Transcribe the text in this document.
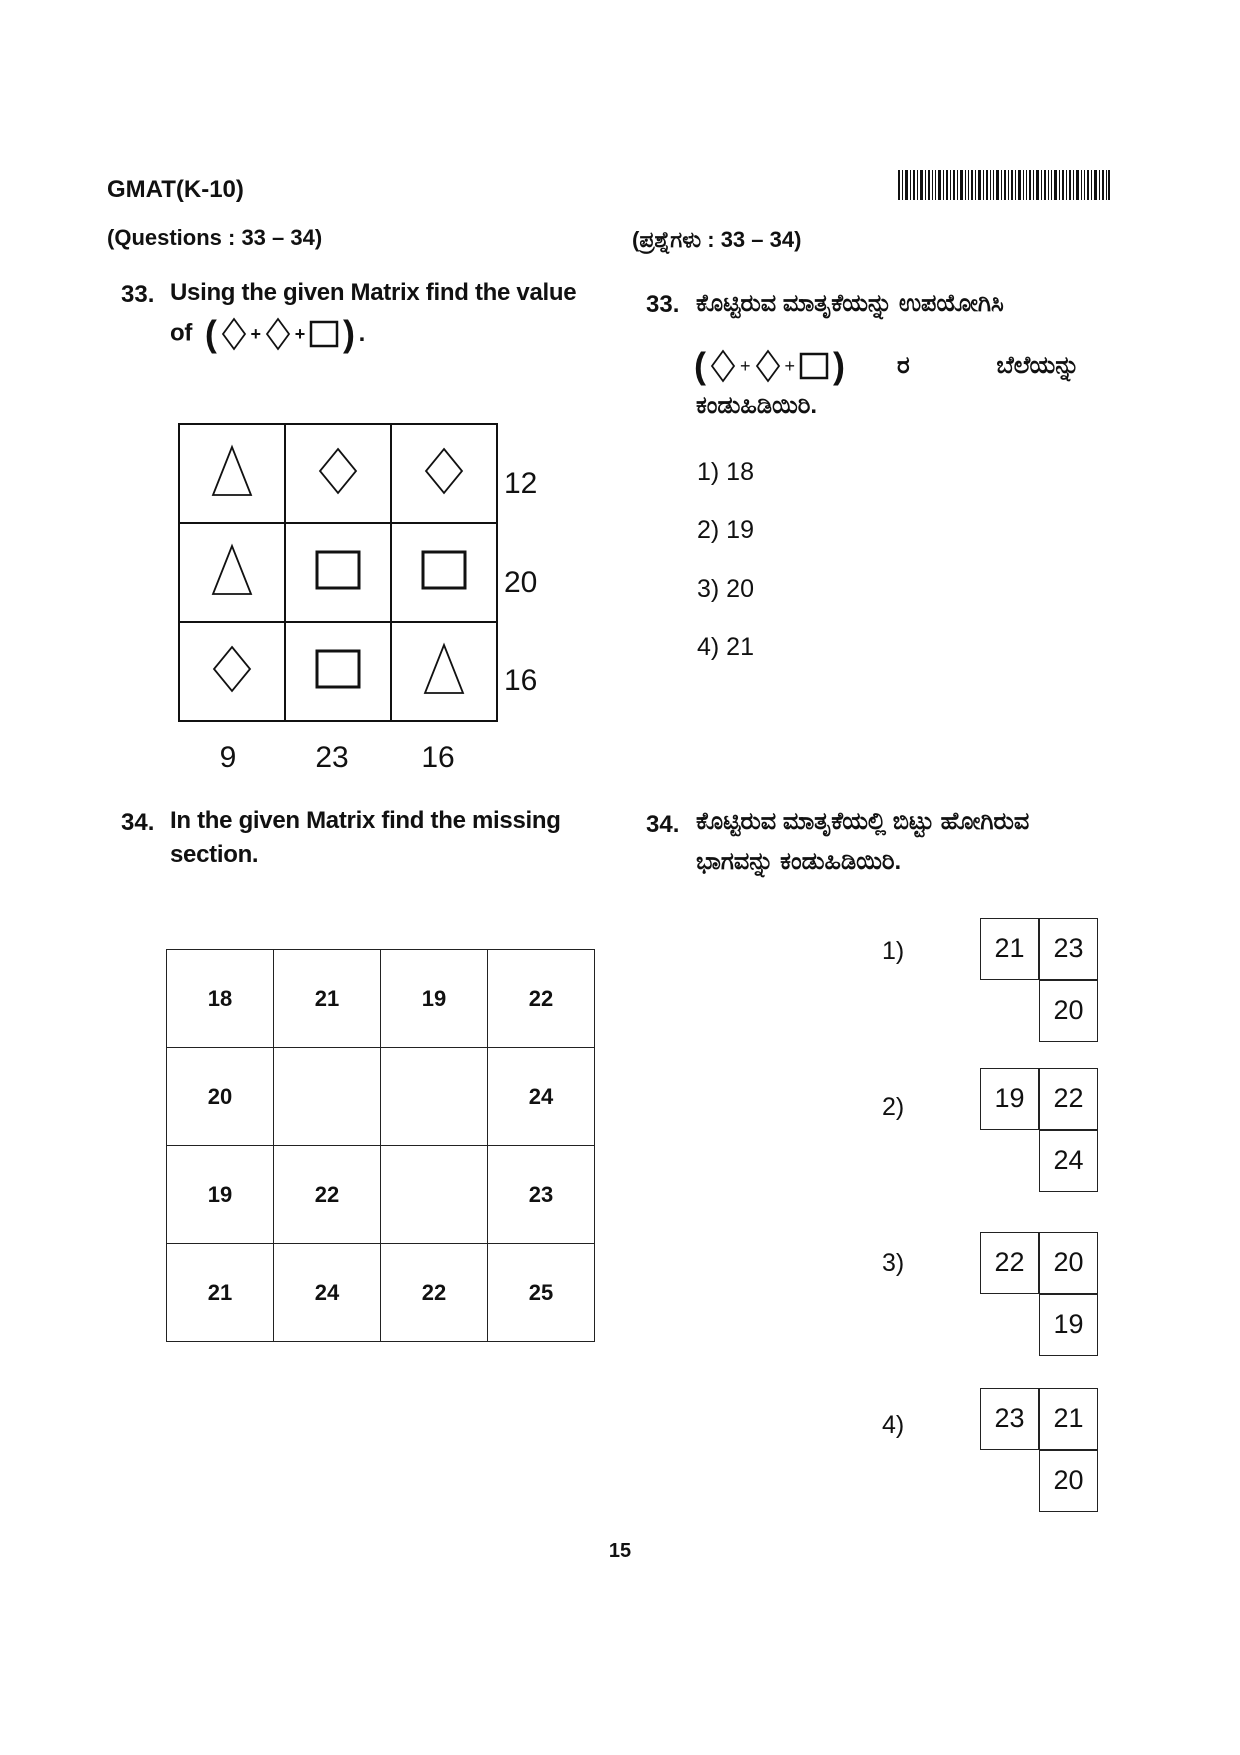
GMAT(K-10)
(Questions : 33 – 34)	(ಪ್ರಶ್ನೆಗಳು : 33 – 34)
33. Using the given Matrix find the value
of ( + + ) .

12
20
16
9	23	16
33. ಕೊಟ್ಟಿರುವ ಮಾತೃಕೆಯನ್ನು ಉಪಯೋಗಿಸಿ
( + + ) ರ ಬೆಲೆಯನ್ನು
ಕಂಡುಹಿಡಿಯಿರಿ.
1) 18
2) 19
3) 20
4) 21
34. In the given Matrix find the missing
section.
34. ಕೊಟ್ಟಿರುವ ಮಾತೃಕೆಯಲ್ಲಿ ಬಿಟ್ಟು ಹೋಗಿರುವ
ಭಾಗವನ್ನು ಕಂಡುಹಿಡಿಯಿರಿ.
18	21	19	22
20			24
19	22		23
21	24	22	25
1)	21	23
20
2)	19	22
24
3)	22	20
19
4)	23	21
20
15
